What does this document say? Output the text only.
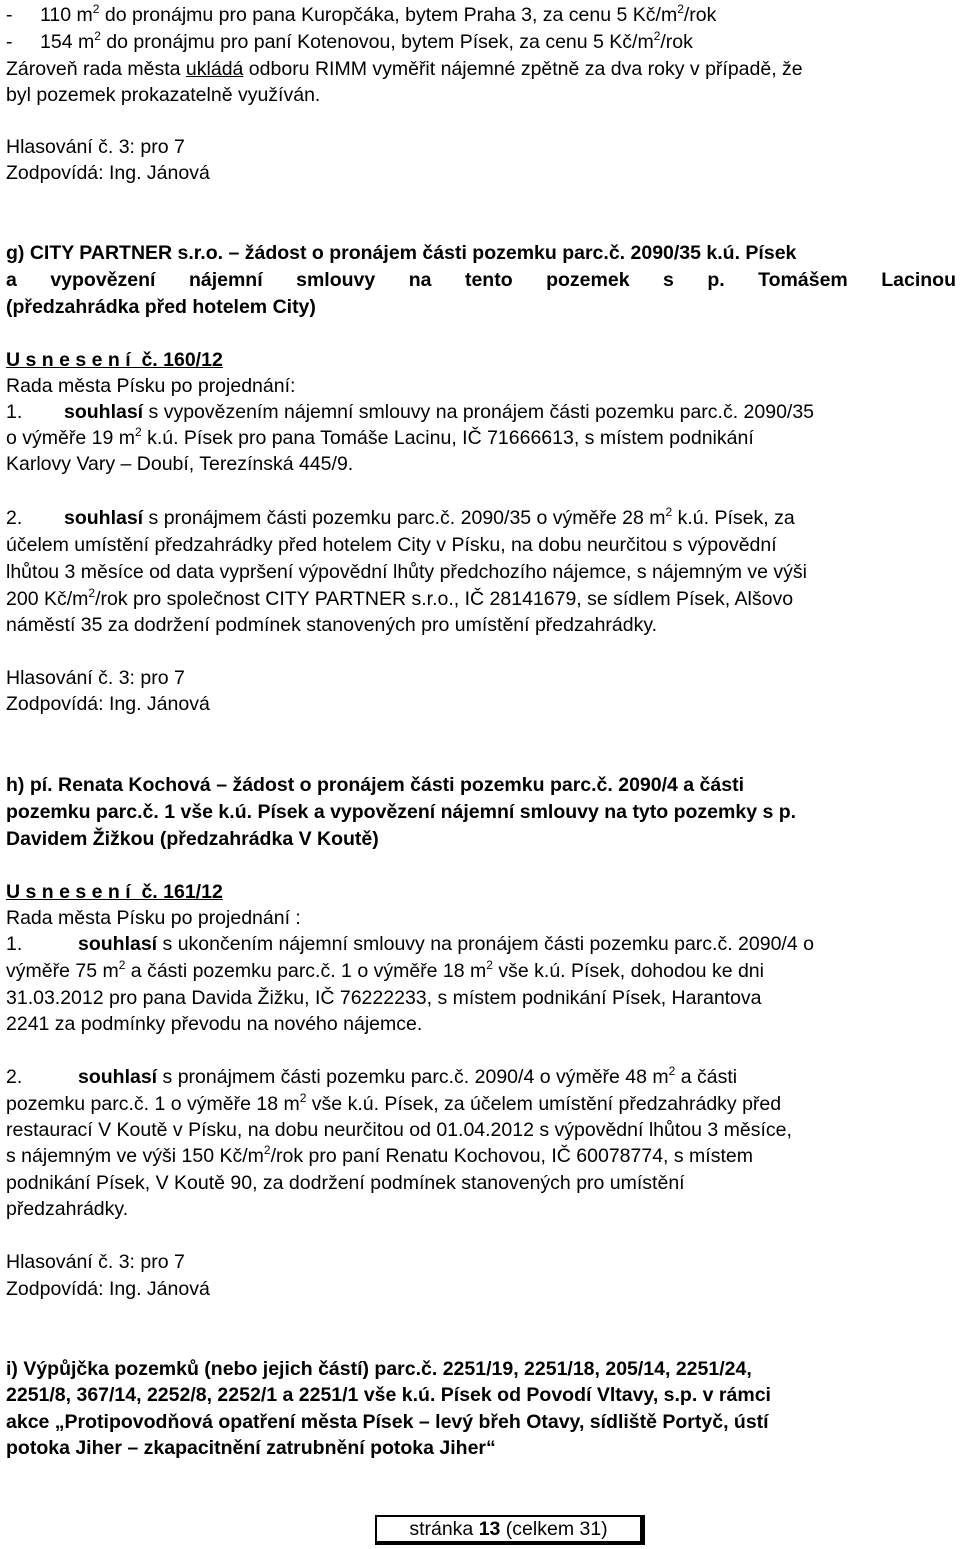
- 110 $m^2$ do pronájmu pro pana Kuropčáka, bytem Praha 3, za cenu 5 $Kč/m^2$/rok

- 154 $m^2$ do pronájmu pro paní Kotenovou, bytem Písek, za cenu 5 $Kč/m^2$/rok

Zároveň rada města ukládá odboru RIMM vyměřit nájemné zpětně za dva roky v případě, že

byl pozemek prokazatelně využíván.

Hlasování č. 3: pro 7

Zodpovídá: Ing. Jánová

g) CITY PARTNER s.r.o. – žádost o pronájem části pozemku parc.č. 2090/35 k.ú. Písek

a vypovězení nájemní smlouvy na tento pozemek s p. Tomášem Lacinou

(předzahrádka před hotelem City)

U s n e s e n í  č. 160/12

Rada města Písku po projednání:

1. souhlasí s vypovězením nájemní smlouvy na pronájem části pozemku parc.č. 2090/35

o výměře 19 $m^2$ k.ú. Písek pro pana Tomáše Lacinu, IČ 71666613, s místem podnikání

Karlovy Vary – Doubí, Terezínská 445/9.

2. souhlasí s pronájmem části pozemku parc.č. 2090/35 o výměře 28 $m^2$ k.ú. Písek, za

účelem umístění předzahrádky před hotelem City v Písku, na dobu neurčitou s výpovědní

lhůtou 3 měsíce od data vypršení výpovědní lhůty předchozího nájemce, s nájemným ve výši

200 $Kč/m^2$/rok pro společnost CITY PARTNER s.r.o., IČ 28141679, se sídlem Písek, Alšovo

náměstí 35 za dodržení podmínek stanovených pro umístění předzahrádky.

Hlasování č. 3: pro 7

Zodpovídá: Ing. Jánová

h) pí. Renata Kochová – žádost o pronájem části pozemku parc.č. 2090/4 a části

pozemku parc.č. 1 vše k.ú. Písek a vypovězení nájemní smlouvy na tyto pozemky s p.

Davidem Žižkou (předzahrádka V Koutě)

U s n e s e n í  č. 161/12

Rada města Písku po projednání :

1.	souhlasí s ukončením nájemní smlouvy na pronájem části pozemku parc.č. 2090/4 o

výměře 75 $m^2$ a části pozemku parc.č. 1 o výměře 18 $m^2$ vše k.ú. Písek, dohodou ke dni

31.03.2012 pro pana Davida Žižku, IČ 76222233, s místem podnikání Písek, Harantova

2241 za podmínky převodu na nového nájemce.

2.	souhlasí s pronájmem části pozemku parc.č. 2090/4 o výměře 48 $m^2$ a části

pozemku parc.č. 1 o výměře 18 $m^2$ vše k.ú. Písek, za účelem umístění předzahrádky před

restaurací V Koutě v Písku, na dobu neurčitou od 01.04.2012 s výpovědní lhůtou 3 měsíce,

s nájemným ve výši 150 $Kč/m^2$/rok pro paní Renatu Kochovou, IČ 60078774, s místem

podnikání Písek, V Koutě 90, za dodržení podmínek stanovených pro umístění

předzahrádky.

Hlasování č. 3: pro 7

Zodpovídá: Ing. Jánová

i) Výpůjčka pozemků (nebo jejich částí) parc.č. 2251/19, 2251/18, 205/14, 2251/24,

2251/8, 367/14, 2252/8, 2252/1 a 2251/1 vše k.ú. Písek od Povodí Vltavy, s.p. v rámci

akce „Protipovodňová opatření města Písek – levý břeh Otavy, sídliště Portyč, ústí

potoka Jiher – zkapacitnění zatrubnění potoka Jiher“

stránka 13 (celkem 31)
